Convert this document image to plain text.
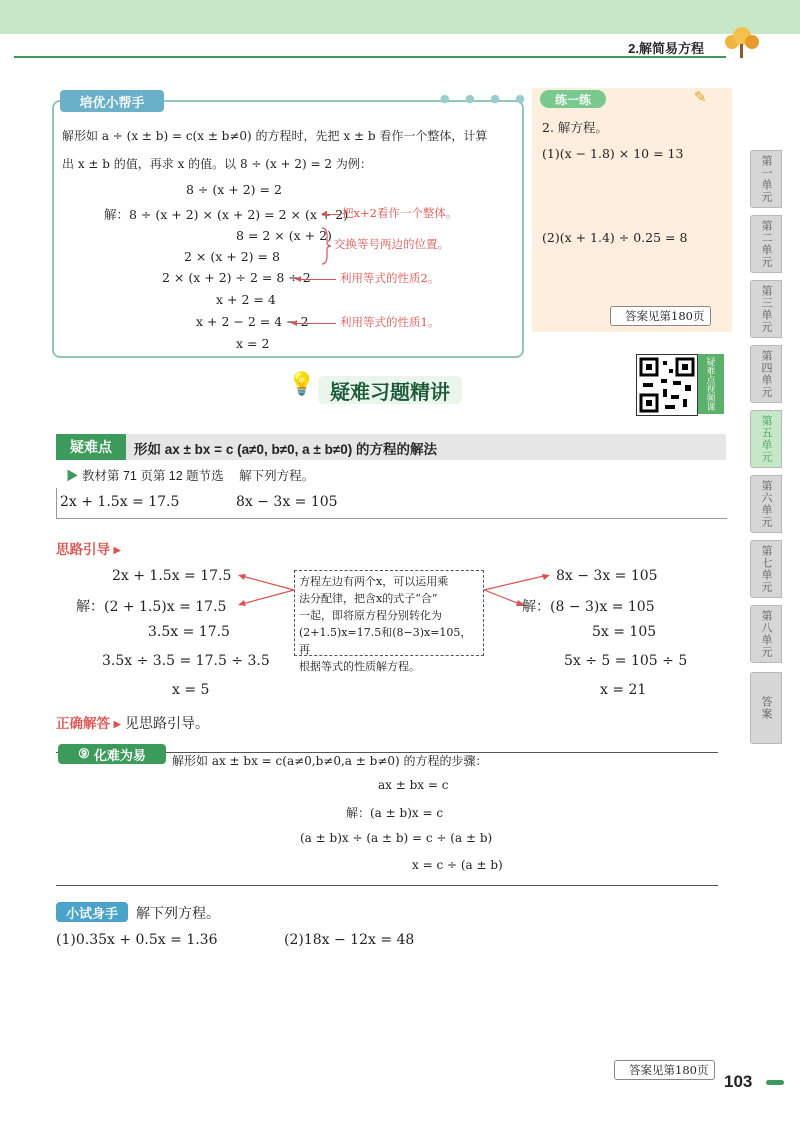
2.解简易方程
第一单元
第二单元
第三单元
第四单元
第五单元
第六单元
第七单元
第八单元
答案
培优小帮手	● ● ● ●
解形如 a ÷ (x ± b) = c(x ± b≠0) 的方程时，先把 x ± b 看作一个整体，计算
出 x ± b 的值，再求 x 的值。以 8 ÷ (x + 2) = 2 为例：
8 ÷ (x + 2) = 2
解：8 ÷ (x + 2) × (x + 2) = 2 × (x + 2)
8 = 2 × (x + 2)
2 × (x + 2) = 8
2 × (x + 2) ÷ 2 = 8 ÷ 2
x + 2 = 4
x + 2 − 2 = 4 − 2
x = 2
把x+2看作一个整体。
交换等号两边的位置。
利用等式的性质2。
利用等式的性质1。
练一练	✎
2. 解方程。
(1)(x − 1.8) × 10 = 13
(2)(x + 1.4) ÷ 0.25 = 8
答案见第180页
疑难点视频课
💡 疑难习题精讲
疑难点	形如 ax ± bx = c (a≠0, b≠0, a ± b≠0) 的方程的解法
▶ 教材第 71 页第 12 题节选 解下列方程。
2x + 1.5x = 17.5	8x − 3x = 105
思路引导 ▸
2x + 1.5x = 17.5
解：(2 + 1.5)x = 17.5
3.5x = 17.5
3.5x ÷ 3.5 = 17.5 ÷ 3.5
x = 5
方程左边有两个x，可以运用乘
法分配律，把含x的式子“合”
一起，即将原方程分别转化为
(2+1.5)x=17.5和(8−3)x=105，再
根据等式的性质解方程。
8x − 3x = 105
解：(8 − 3)x = 105
5x = 105
5x ÷ 5 = 105 ÷ 5
x = 21
正确解答 ▸ 见思路引导。
⑨ 化难为易 解形如 ax ± bx = c(a≠0,b≠0,a ± b≠0) 的方程的步骤：
ax ± bx = c
解：(a ± b)x = c
(a ± b)x ÷ (a ± b) = c ÷ (a ± b)
x = c ÷ (a ± b)
小试身手	解下列方程。
(1)0.35x + 0.5x = 1.36	(2)18x − 12x = 48
答案见第180页
103
